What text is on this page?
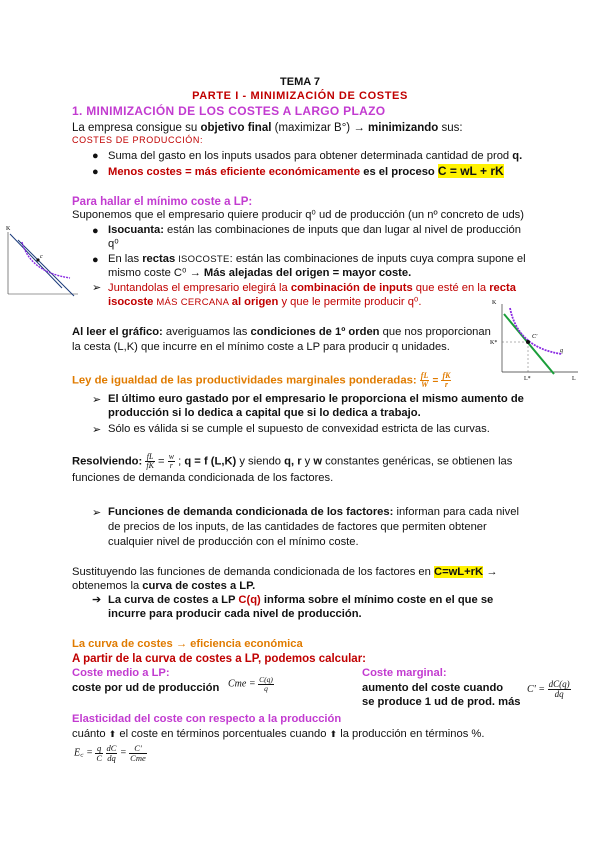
TEMA 7
PARTE I - MINIMIZACIÓN DE COSTES
1. MINIMIZACIÓN DE LOS COSTES A LARGO PLAZO
La empresa consigue su objetivo final (maximizar B°) → minimizando sus:
COSTES DE PRODUCCIÓN:
● Suma del gasto en los inputs usados para obtener determinada cantidad de prod q.
● Menos costes = más eficiente económicamente es el proceso C = wL + rK
Para hallar el mínimo coste a LP:
Suponemos que el empresario quiere producir q⁰ ud de producción (un nº concreto de uds)
● Isocuanta: están las combinaciones de inputs que dan lugar al nivel de producción
q⁰
● En las rectas ISOCOSTE: están las combinaciones de inputs cuya compra supone el
mismo coste C⁰ → Más alejadas del origen = mayor coste.
➢ Juntandolas el empresario elegirá la combinación de inputs que esté en la recta
isocoste MÁS CERCANA al origen y que le permite producir q⁰.
Al leer el gráfico: averiguamos las condiciones de 1º orden que nos proporcionan
la cesta (L,K) que incurre en el mínimo coste a LP para producir q unidades.
K
c
K
C'
q
K*
L*	L
Ley de igualdad de las productividades marginales ponderadas: $\frac{fL}{W} = \frac{fK}{r}$
➢ El último euro gastado por el empresario le proporciona el mismo aumento de
producción si lo dedica a capital que si lo dedica a trabajo.
➢ Sólo es válida si se cumple el supuesto de convexidad estricta de las curvas.
Resolviendo: $\frac{fL}{fK} = \frac{w}{r}$ ; q = f (L,K) y siendo q, r y w constantes genéricas, se obtienen las
funciones de demanda condicionada de los factores.
➢ Funciones de demanda condicionada de los factores: informan para cada nivel
de precios de los inputs, de las cantidades de factores que permiten obtener
cualquier nivel de producción con el mínimo coste.
Sustituyendo las funciones de demanda condicionada de los factores en C=wL+rK →
obtenemos la curva de costes a LP.
➔ La curva de costes a LP C(q) informa sobre el mínimo coste en el que se
incurre para producir cada nivel de producción.
La curva de costes → eficiencia económica
A partir de la curva de costes a LP, podemos calcular:
Coste medio a LP:
coste por ud de producción Cme = $\frac{C(q)}{q}$
Coste marginal:
aumento del coste cuando
se produce 1 ud de prod. más
$C' = \frac{dC(q)}{dq}$
Elasticidad del coste con respecto a la producción
cuánto ⬆ el coste en términos porcentuales cuando ⬆ la producción en términos %.
E꜀ = $\frac{q}{C}$
$\frac{dC}{dq} = \frac{C'}{\text{Cme}}$
